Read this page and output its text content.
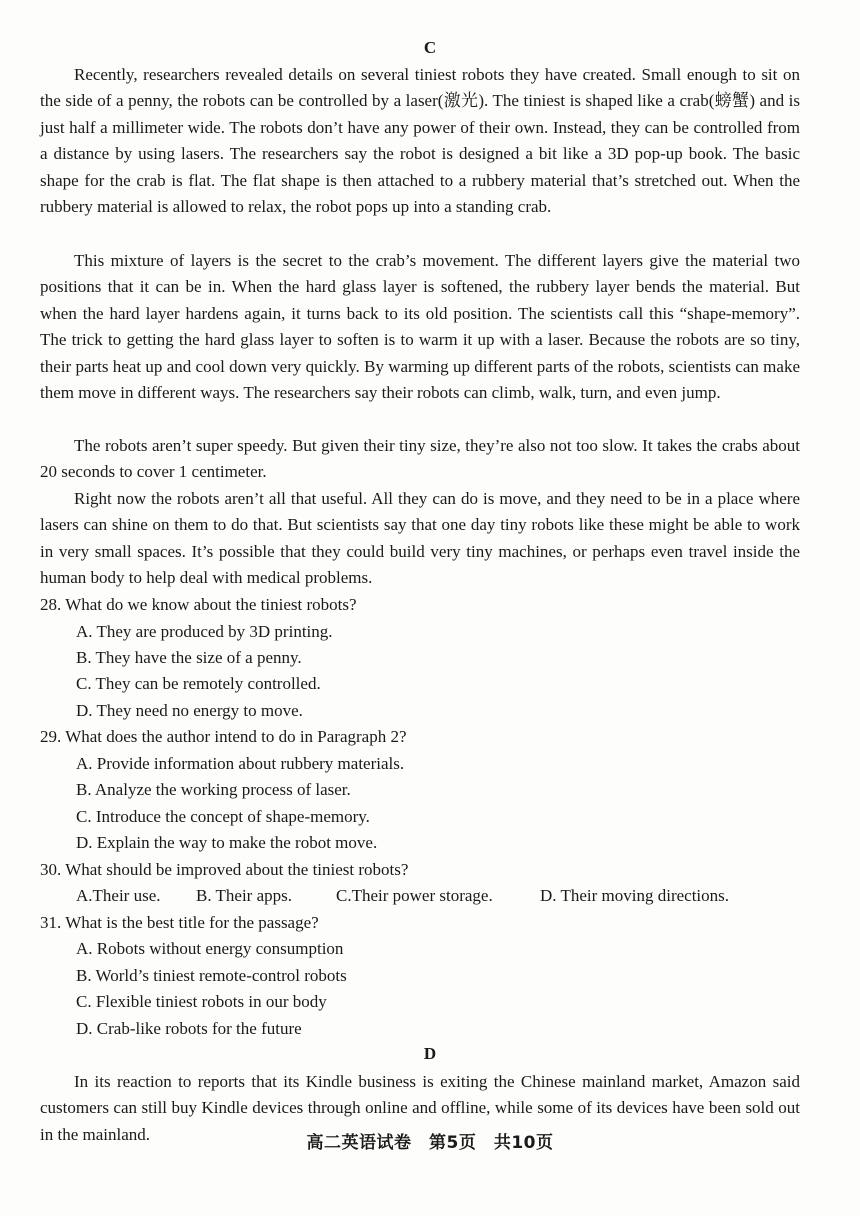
C

Recently, researchers revealed details on several tiniest robots they have created. Small enough to sit on the side of a penny, the robots can be controlled by a laser(激光). The tiniest is shaped like a crab(螃蟹) and is just half a millimeter wide. The robots don’t have any power of their own. Instead, they can be controlled from a distance by using lasers. The researchers say the robot is designed a bit like a 3D pop-up book. The basic shape for the crab is flat. The flat shape is then attached to a rubbery material that’s stretched out. When the rubbery material is allowed to relax, the robot pops up into a standing crab.

This mixture of layers is the secret to the crab’s movement. The different layers give the material two positions that it can be in. When the hard glass layer is softened, the rubbery layer bends the material. But when the hard layer hardens again, it turns back to its old position. The scientists call this “shape-memory”. The trick to getting the hard glass layer to soften is to warm it up with a laser. Because the robots are so tiny, their parts heat up and cool down very quickly. By warming up different parts of the robots, scientists can make them move in different ways. The researchers say their robots can climb, walk, turn, and even jump.

The robots aren’t super speedy. But given their tiny size, they’re also not too slow. It takes the crabs about 20 seconds to cover 1 centimeter.

Right now the robots aren’t all that useful. All they can do is move, and they need to be in a place where lasers can shine on them to do that. But scientists say that one day tiny robots like these might be able to work in very small spaces. It’s possible that they could build very tiny machines, or perhaps even travel inside the human body to help deal with medical problems.

28. What do we know about the tiniest robots?

A. They are produced by 3D printing.

B. They have the size of a penny.

C. They can be remotely controlled.

D. They need no energy to move.

29. What does the author intend to do in Paragraph 2?

A. Provide information about rubbery materials.

B. Analyze the working process of laser.

C. Introduce the concept of shape-memory.

D. Explain the way to make the robot move.

30. What should be improved about the tiniest robots?

A.Their use. B. Their apps.	C.Their power storage.	D. Their moving directions.

31. What is the best title for the passage?

A. Robots without energy consumption

B. World’s tiniest remote-control robots

C. Flexible tiniest robots in our body

D. Crab-like robots for the future

D

In its reaction to reports that its Kindle business is exiting the Chinese mainland market, Amazon said customers can still buy Kindle devices through online and offline, while some of its devices have been sold out in the mainland.	高二英语试卷　第5页　共10页
